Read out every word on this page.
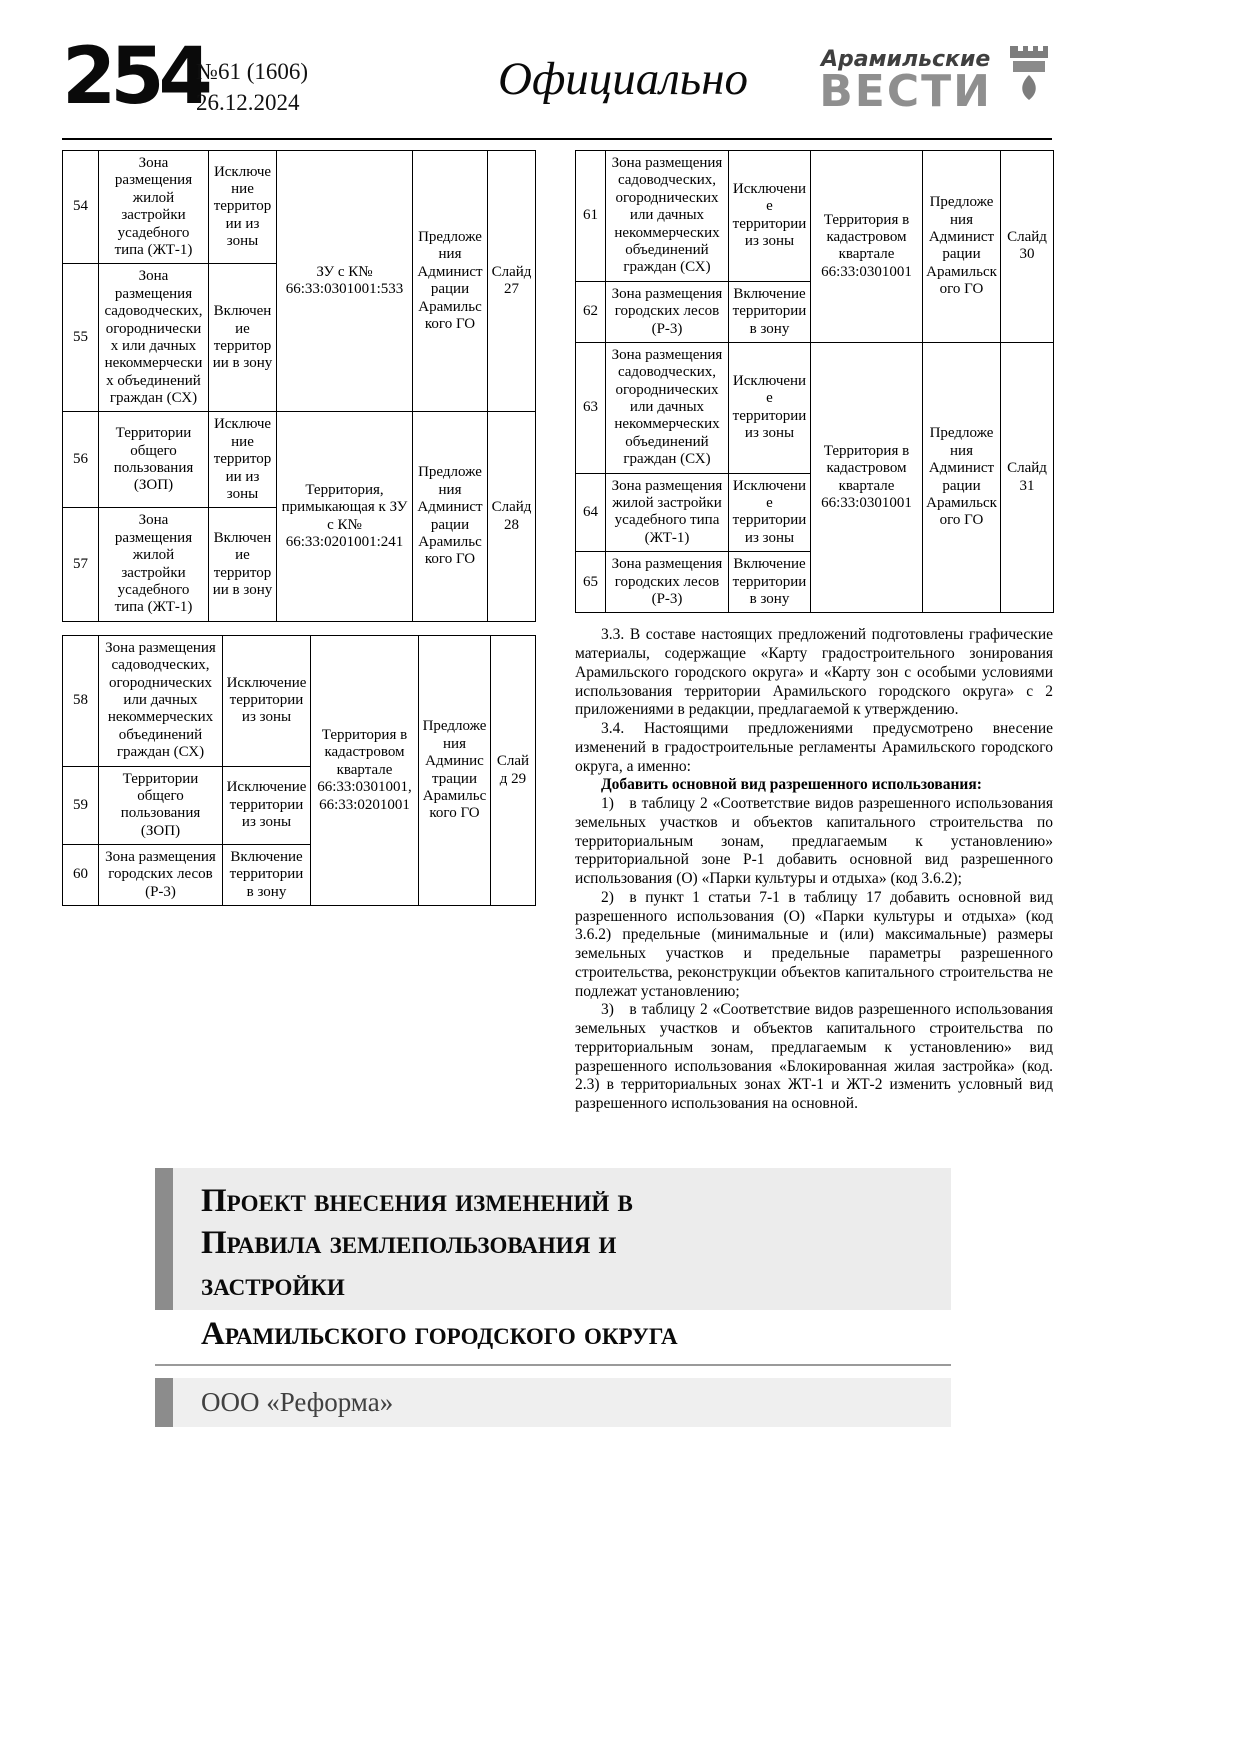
254
№61 (1606)
26.12.2024	Официально	Арамильские
ВЕСТИ
54	Зона размещения жилой застройки усадебного типа (ЖТ-1)	Исключение территории из зоны	ЗУ с К№ 66:33:0301001:533	Предложения Администрации Арамильского ГО	Слайд 27
55	Зона размещения садоводческих, огороднических или дачных некоммерческих объединений граждан (СХ)	Включение территории в зону			
56	Территории общего пользования (ЗОП)	Исключение территории из зоны	Территория, примыкающая к ЗУ с К№ 66:33:0201001:241	Предложения Администрации Арамильского ГО	Слайд 28
57	Зона размещения жилой застройки усадебного типа (ЖТ-1)	Включение территории в зону			
58	Зона размещения садоводческих, огороднических или дачных некоммерческих объединений граждан (СХ)	Исключение территории из зоны	Территория в кадастровом квартале 66:33:0301001, 66:33:0201001	Предложения Администрации Арамильского ГО	Слайд 29
59	Территории общего пользования (ЗОП)	Исключение территории из зоны			
60	Зона размещения городских лесов (Р-3)	Включение территории в зону			
61	Зона размещения садоводческих, огороднических или дачных некоммерческих объединений граждан (СХ)	Исключение территории из зоны	Территория в кадастровом квартале 66:33:0301001	Предложения Администрации Арамильского ГО	Слайд 30
62	Зона размещения городских лесов (Р-3)	Включение территории в зону			
63	Зона размещения садоводческих, огороднических или дачных некоммерческих объединений граждан (СХ)	Исключение территории из зоны	Территория в кадастровом квартале 66:33:0301001	Предложения Администрации Арамильского ГО	Слайд 31
64	Зона размещения жилой застройки усадебного типа (ЖТ-1)	Исключение территории из зоны			
65	Зона размещения городских лесов (Р-3)	Включение территории в зону			

3.3. В составе настоящих предложений подготовлены графические материалы, содержащие «Карту градостроительного зонирования Арамильского городского округа» и «Карту зон с особыми условиями использования территории Арамильского городского округа» с 2 приложениями в редакции, предлагаемой к утверждению.

3.4. Настоящими предложениями предусмотрено внесение изменений в градостроительные регламенты Арамильского городского округа, а именно:

Добавить основной вид разрешенного использования:

1) в таблицу 2 «Соответствие видов разрешенного использования земельных участков и объектов капитального строительства по территориальным зонам, предлагаемым к установлению» территориальной зоне Р-1 добавить основной вид разрешенного использования (О) «Парки культуры и отдыха» (код 3.6.2);

2) в пункт 1 статьи 7-1 в таблицу 17 добавить основной вид разрешенного использования (О) «Парки культуры и отдыха» (код 3.6.2) предельные (минимальные и (или) максимальные) размеры земельных участков и предельные параметры разрешенного строительства, реконструкции объектов капитального строительства не подлежат установлению;

3) в таблицу 2 «Соответствие видов разрешенного использования земельных участков и объектов капитального строительства по территориальным зонам, предлагаемым к установлению» вид разрешенного использования «Блокированная жилая застройка» (код. 2.3) в территориальных зонах ЖТ-1 и ЖТ-2 изменить условный вид разрешенного использования на основной.

Проект внесения изменений в
Правила землепользования и
застройки
Арамильского городского округа
ООО «Реформа»
